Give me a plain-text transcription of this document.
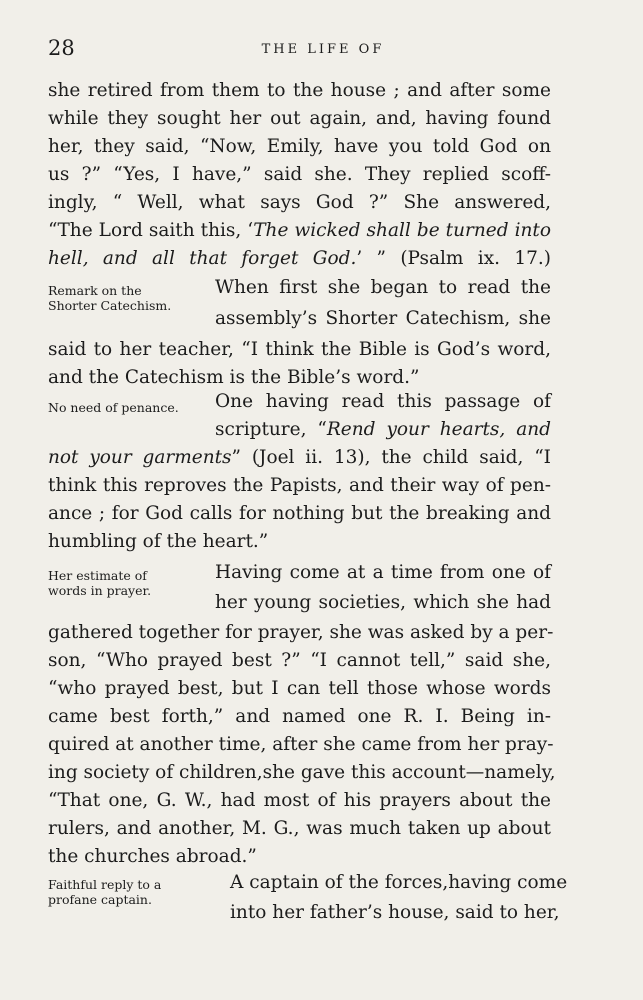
28	THE LIFE OF
she retired from them to the house ; and after some
while they sought her out again, and, having found
her, they said, “Now, Emily, have you told God on
us ?” “Yes, I have,” said she. They replied scoff-
ingly, “ Well, what says God ?” She answered,
“The Lord saith this, ‘The wicked shall be turned into
hell, and all that forget God.’ ” (Psalm ix. 17.)
Remark on the
Shorter Catechism.
When first she began to read the
assembly’s Shorter Catechism, she
said to her teacher, “I think the Bible is God’s word,
and the Catechism is the Bible’s word.”
No need of penance.	One having read this passage of
scripture, “Rend your hearts, and
not your garments” (Joel ii. 13), the child said, “I
think this reproves the Papists, and their way of pen-
ance ; for God calls for nothing but the breaking and
humbling of the heart.”
Her estimate of
words in prayer.
Having come at a time from one of
her young societies, which she had
gathered together for prayer, she was asked by a per-
son, “Who prayed best ?” “I cannot tell,” said she,
“who prayed best, but I can tell those whose words
came best forth,” and named one R. I. Being in-
quired at another time, after she came from her pray-
ing society of children,she gave this account—namely,
“That one, G. W., had most of his prayers about the
rulers, and another, M. G., was much taken up about
the churches abroad.”
Faithful reply to a
profane captain.
A captain of the forces,having come
into her father’s house, said to her,
